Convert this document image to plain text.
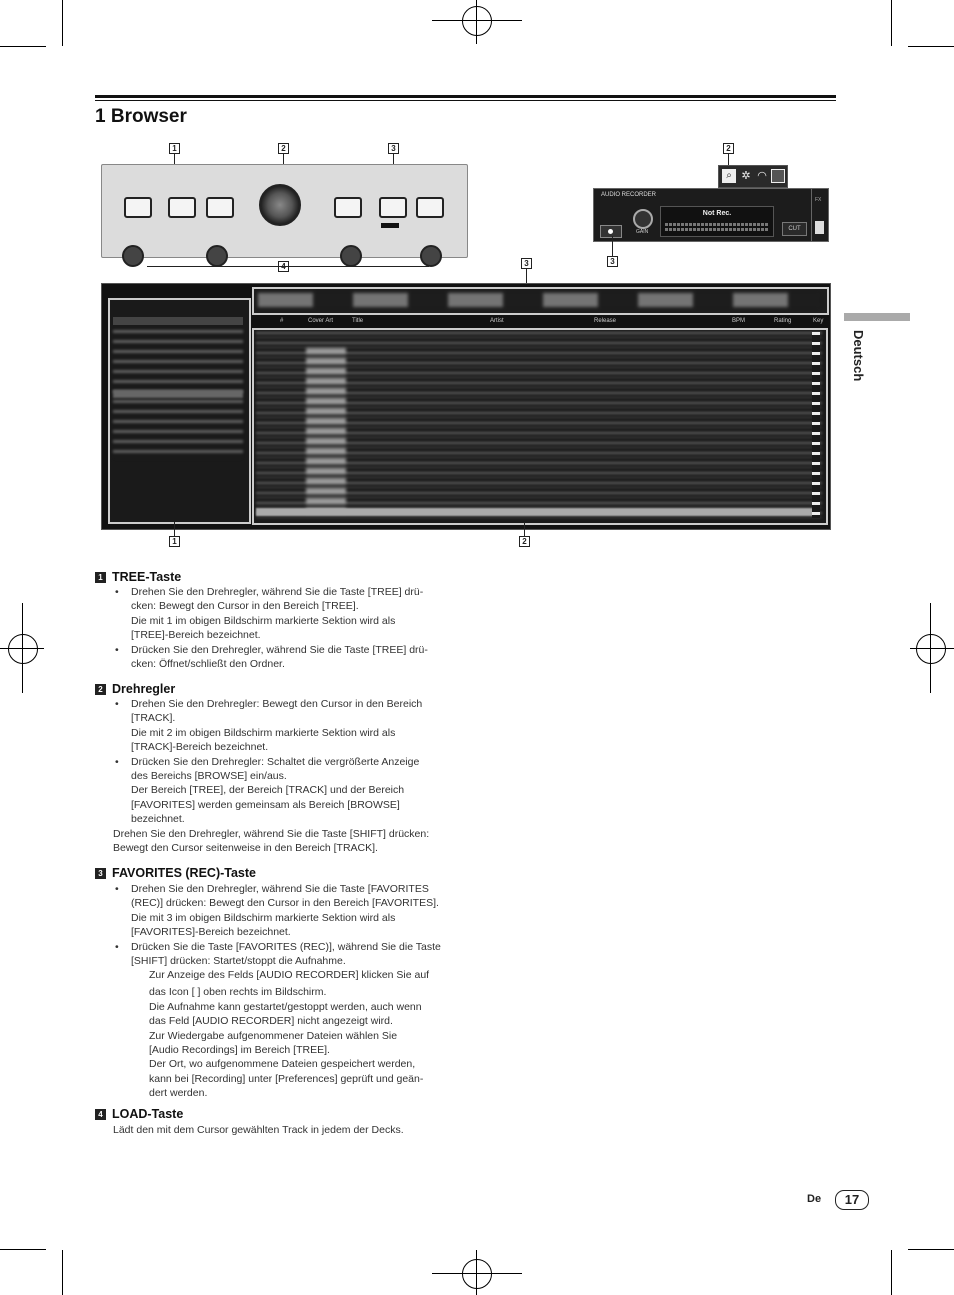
1 Browser
Deutsch
1	2	3	2
⌕ ✲ ◠
AUDIO RECORDER
GAIN
Not Rec.
CUT
FX
3
3
#	Cover Art	Title	Artist	Release	BPM	Rating	Key
1	2
1 TREE-Taste
• Drehen Sie den Drehregler, während Sie die Taste [TREE] drü-
cken: Bewegt den Cursor in den Bereich [TREE].
Die mit 1 im obigen Bildschirm markierte Sektion wird als
[TREE]-Bereich bezeichnet.
• Drücken Sie den Drehregler, während Sie die Taste [TREE] drü-
cken: Öffnet/schließt den Ordner.
2 Drehregler
• Drehen Sie den Drehregler: Bewegt den Cursor in den Bereich
[TRACK].
Die mit 2 im obigen Bildschirm markierte Sektion wird als
[TRACK]-Bereich bezeichnet.
• Drücken Sie den Drehregler: Schaltet die vergrößerte Anzeige
des Bereichs [BROWSE] ein/aus.
Der Bereich [TREE], der Bereich [TRACK] und der Bereich
[FAVORITES] werden gemeinsam als Bereich [BROWSE]
bezeichnet.
Drehen Sie den Drehregler, während Sie die Taste [SHIFT] drücken:
Bewegt den Cursor seitenweise in den Bereich [TRACK].
3 FAVORITES (REC)-Taste
• Drehen Sie den Drehregler, während Sie die Taste [FAVORITES
(REC)] drücken: Bewegt den Cursor in den Bereich [FAVORITES].
Die mit 3 im obigen Bildschirm markierte Sektion wird als
[FAVORITES]-Bereich bezeichnet.
• Drücken Sie die Taste [FAVORITES (REC)], während Sie die Taste
[SHIFT] drücken: Startet/stoppt die Aufnahme.
Zur Anzeige des Felds [AUDIO RECORDER] klicken Sie auf
das Icon [ ] oben rechts im Bildschirm.
Die Aufnahme kann gestartet/gestoppt werden, auch wenn
das Feld [AUDIO RECORDER] nicht angezeigt wird.
Zur Wiedergabe aufgenommener Dateien wählen Sie
[Audio Recordings] im Bereich [TREE].
Der Ort, wo aufgenommene Dateien gespeichert werden,
kann bei [Recording] unter [Preferences] geprüft und geän-
dert werden.
4 LOAD-Taste
Lädt den mit dem Cursor gewählten Track in jedem der Decks.
De	17
